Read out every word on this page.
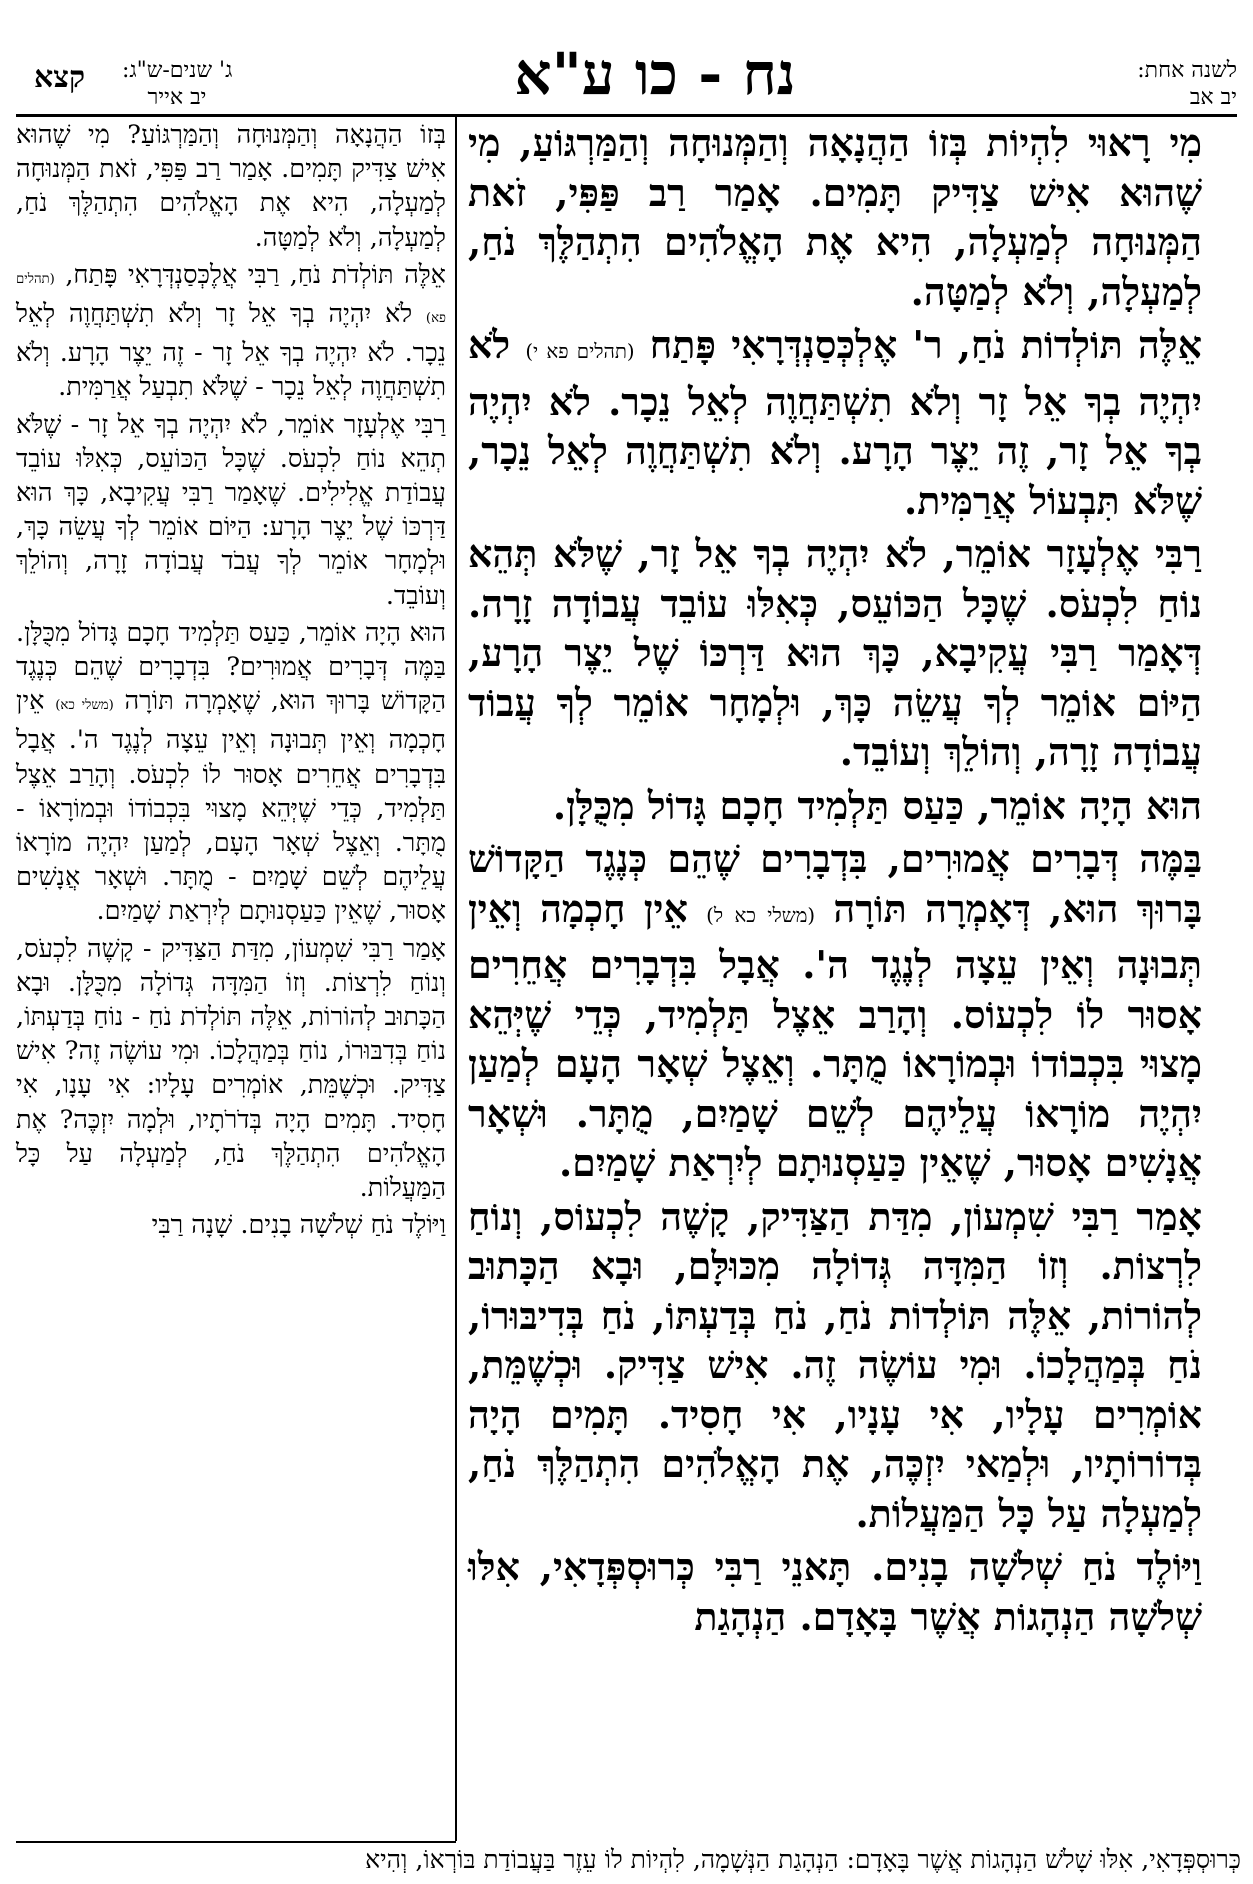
לשנה אחת:
יב אב
נח - כו ע"א
ג' שנים-ש"ג:
יב אייר
קצא

מִי רָאוּי לִהְיוֹת בְּזוֹ הַהֲנָאָה וְהַמְּנוּחָה וְהַמַּרְגּוֹעַ, מִי שֶׁהוּא אִישׁ צַדִּיק תָּמִים. אָמַר רַב פַּפִּי, זֹאת הַמְּנוּחָה לְמַעְלָה, הִיא אֶת הָאֱלֹהִים הִתְהַלֶּךְ נֹחַ, לְמַעְלָה, וְלֹא לְמַטָּה.

אֵלֶּה תּוֹלְדוֹת נֹחַ, ר' אֶלְכְּסַנְדְּרָאִי פָּתַח (תהלים פא י) לֹא יִהְיֶה בְךָ אֵל זָר וְלֹא תִשְׁתַּחֲוֶה לְאֵל נֵכָר. לֹא יִהְיֶה בְךָ אֵל זָר, זֶה יֵצֶר הָרָע. וְלֹא תִשְׁתַּחֲוֶה לְאֵל נֵכָר, שֶׁלֹּא תִּבְעוֹל אֲרַמִּית.

רַבִּי אֶלְעָזָר אוֹמֵר, לֹא יִהְיֶה בְךָ אֵל זָר, שֶׁלֹּא תְּהֵא נוֹחַ לִכְעֹס. שֶׁכָּל הַכּוֹעֵס, כְּאִלּוּ עוֹבֵד עֲבוֹדָה זָרָה. דְּאָמַר רַבִּי עֲקִיבָא, כָּךְ הוּא דַּרְכּוֹ שֶׁל יֵצֶר הָרָע, הַיּוֹם אוֹמֵר לְךָ עֲשֵׂה כָּךְ, וּלְמָחָר אוֹמֵר לְךָ עֲבוֹד עֲבוֹדָה זָרָה, וְהוֹלֵךְ וְעוֹבֵד.

הוּא הָיָה אוֹמֵר, כַּעַס תַּלְמִיד חָכָם גָּדוֹל מִכֻּלָּן.

בַּמֶּה דְּבָרִים אֲמוּרִים, בִּדְבָרִים שֶׁהֵם כְּנֶגֶד הַקָּדוֹשׁ בָּרוּךְ הוּא, דְּאָמְרָה תּוֹרָה (משלי כא ל) אֵין חָכְמָה וְאֵין תְּבוּנָה וְאֵין עֵצָה לְנֶגֶד ה'. אֲבָל בִּדְבָרִים אֲחֵרִים אָסוּר לוֹ לִכְעוֹס. וְהָרַב אֵצֶל תַּלְמִיד, כְּדֵי שֶׁיְּהֵא מָצוּי בִּכְבוֹדוֹ וּבְמוֹרָאוֹ מֻתָּר. וְאֵצֶל שְׁאָר הָעָם לְמַעַן יִהְיֶה מוֹרָאוֹ עֲלֵיהֶם לְשֵׁם שָׁמַיִם, מֻתָּר. וּשְׁאָר אֲנָשִׁים אָסוּר, שֶׁאֵין כַּעַסְנוּתָם לְיִרְאַת שָׁמַיִם.

אָמַר רַבִּי שִׁמְעוֹן, מִדַּת הַצַּדִּיק, קָשֶׁה לִכְעוֹס, וְנוֹחַ לִרְצוֹת. וְזוֹ הַמִּדָּה גְּדוֹלָה מִכּוּלָּם, וּבָא הַכָּתוּב לְהוֹרוֹת, אֵלֶּה תּוֹלְדוֹת נֹחַ, נֹחַ בְּדַעְתּוֹ, נֹחַ בְּדִיבּוּרוֹ, נֹחַ בְּמַהֲלָכוֹ. וּמִי עוֹשֶׂה זֶה. אִישׁ צַדִּיק. וּכְשֶׁמֵּת, אוֹמְרִים עָלָיו, אִי עָנָיו, אִי חָסִיד. תָּמִים הָיָה בְּדוֹרוֹתָיו, וּלְמַאי יִזְכֶּה, אֶת הָאֱלֹהִים הִתְהַלֶּךְ נֹחַ, לְמַעְלָה עַל כָּל הַמַּעֲלוֹת.

וַיּוֹלֶד נֹחַ שְׁלֹשָׁה בָנִים. תָּאנֵי רַבִּי כְּרוּסְפְּדָאִי, אִלּוּ שְׁלֹשָׁה הַנְהָגוֹת אֲשֶׁר בָּאָדָם. הַנְהָגַת

בְּזוֹ הַהֲנָאָה וְהַמְּנוּחָה וְהַמַּרְגּוֹעַ? מִי שֶׁהוּא אִישׁ צַדִּיק תָּמִים. אָמַר רַב פַּפִּי, זֹאת הַמְּנוּחָה לְמַעְלָה, הִיא אֶת הָאֱלֹהִים הִתְהַלֶּךְ נֹחַ, לְמַעְלָה, וְלֹא לְמַטָּה.

אֵלֶּה תּוֹלְדֹת נֹחַ, רַבִּי אֲלֶכְּסַנְדְּרָאִי פָּתַח, (תהלים פא) לֹא יִהְיֶה בְךָ אֵל זָר וְלֹא תִשְׁתַּחֲוֶה לְאֵל נֵכָר. לֹא יִהְיֶה בְךָ אֵל זָר - זֶה יֵצֶר הָרָע. וְלֹא תִשְׁתַּחֲוֶה לְאֵל נֵכָר - שֶׁלֹּא תִבְעַל אֲרַמִּית.

רַבִּי אֶלְעָזָר אוֹמֵר, לֹא יִהְיֶה בְךָ אֵל זָר - שֶׁלֹּא תְהֵא נוֹחַ לִכְעֹס. שֶׁכָּל הַכּוֹעֵס, כְּאִלּוּ עוֹבֵד עֲבוֹדַת אֱלִילִים. שֶׁאָמַר רַבִּי עֲקִיבָא, כָּךְ הוּא דַּרְכּוֹ שֶׁל יֵצֶר הָרָע: הַיּוֹם אוֹמֵר לְךָ עֲשֵׂה כָּךְ, וּלְמָחָר אוֹמֵר לְךָ עֲבֹד עֲבוֹדָה זָרָה, וְהוֹלֵךְ וְעוֹבֵד.

הוּא הָיָה אוֹמֵר, כַּעַס תַּלְמִיד חָכָם גָּדוֹל מִכֻּלָּן. בַּמֶּה דְּבָרִים אֲמוּרִים? בִּדְבָרִים שֶׁהֵם כְּנֶגֶד הַקָּדוֹשׁ בָּרוּךְ הוּא, שֶׁאָמְרָה תּוֹרָה (משלי כא) אֵין חָכְמָה וְאֵין תְּבוּנָה וְאֵין עֵצָה לְנֶגֶד ה'. אֲבָל בִּדְבָרִים אֲחֵרִים אָסוּר לוֹ לִכְעֹס. וְהָרַב אֵצֶל תַּלְמִיד, כְּדֵי שֶׁיְּהֵא מָצוּי בִּכְבוֹדוֹ וּבְמוֹרָאוֹ - מֻתָּר. וְאֵצֶל שְׁאָר הָעָם, לְמַעַן יִהְיֶה מוֹרָאוֹ עֲלֵיהֶם לְשֵׁם שָׁמַיִם - מֻתָּר. וּשְׁאָר אֲנָשִׁים אָסוּר, שֶׁאֵין כַּעַסְנוּתָם לְיִרְאַת שָׁמַיִם.

אָמַר רַבִּי שִׁמְעוֹן, מִדַּת הַצַּדִּיק - קָשֶׁה לִכְעֹס, וְנוֹחַ לִרְצוֹת. וְזוֹ הַמִּדָּה גְּדוֹלָה מִכֻּלָּן. וּבָא הַכָּתוּב לְהוֹרוֹת, אֵלֶּה תּוֹלְדֹת נֹחַ - נוֹחַ בְּדַעְתּוֹ, נוֹחַ בְּדִבּוּרוֹ, נוֹחַ בְּמַהֲלָכוֹ. וּמִי עוֹשֶׂה זֶה? אִישׁ צַדִּיק. וּכְשֶׁמֵּת, אוֹמְרִים עָלָיו: אִי עָנָו, אִי חָסִיד. תָּמִים הָיָה בְּדֹרֹתָיו, וּלְמָה יִזְכֶּה? אֶת הָאֱלֹהִים הִתְהַלֶּךְ נֹחַ, לְמַעְלָה עַל כָּל הַמַּעֲלוֹת.

וַיּוֹלֶד נֹחַ שְׁלֹשָׁה בָנִים. שָׁנָה רַבִּי

כְּרוּסְפְּדָאִי, אִלּוּ שָׁלֹשׁ הַנְהָגוֹת אֲשֶׁר בָּאָדָם: הַנְהָגַת הַנְּשָׁמָה, לִהְיוֹת לוֹ עֵזֶר בַּעֲבוֹדַת בּוֹרְאוֹ, וְהִיא
